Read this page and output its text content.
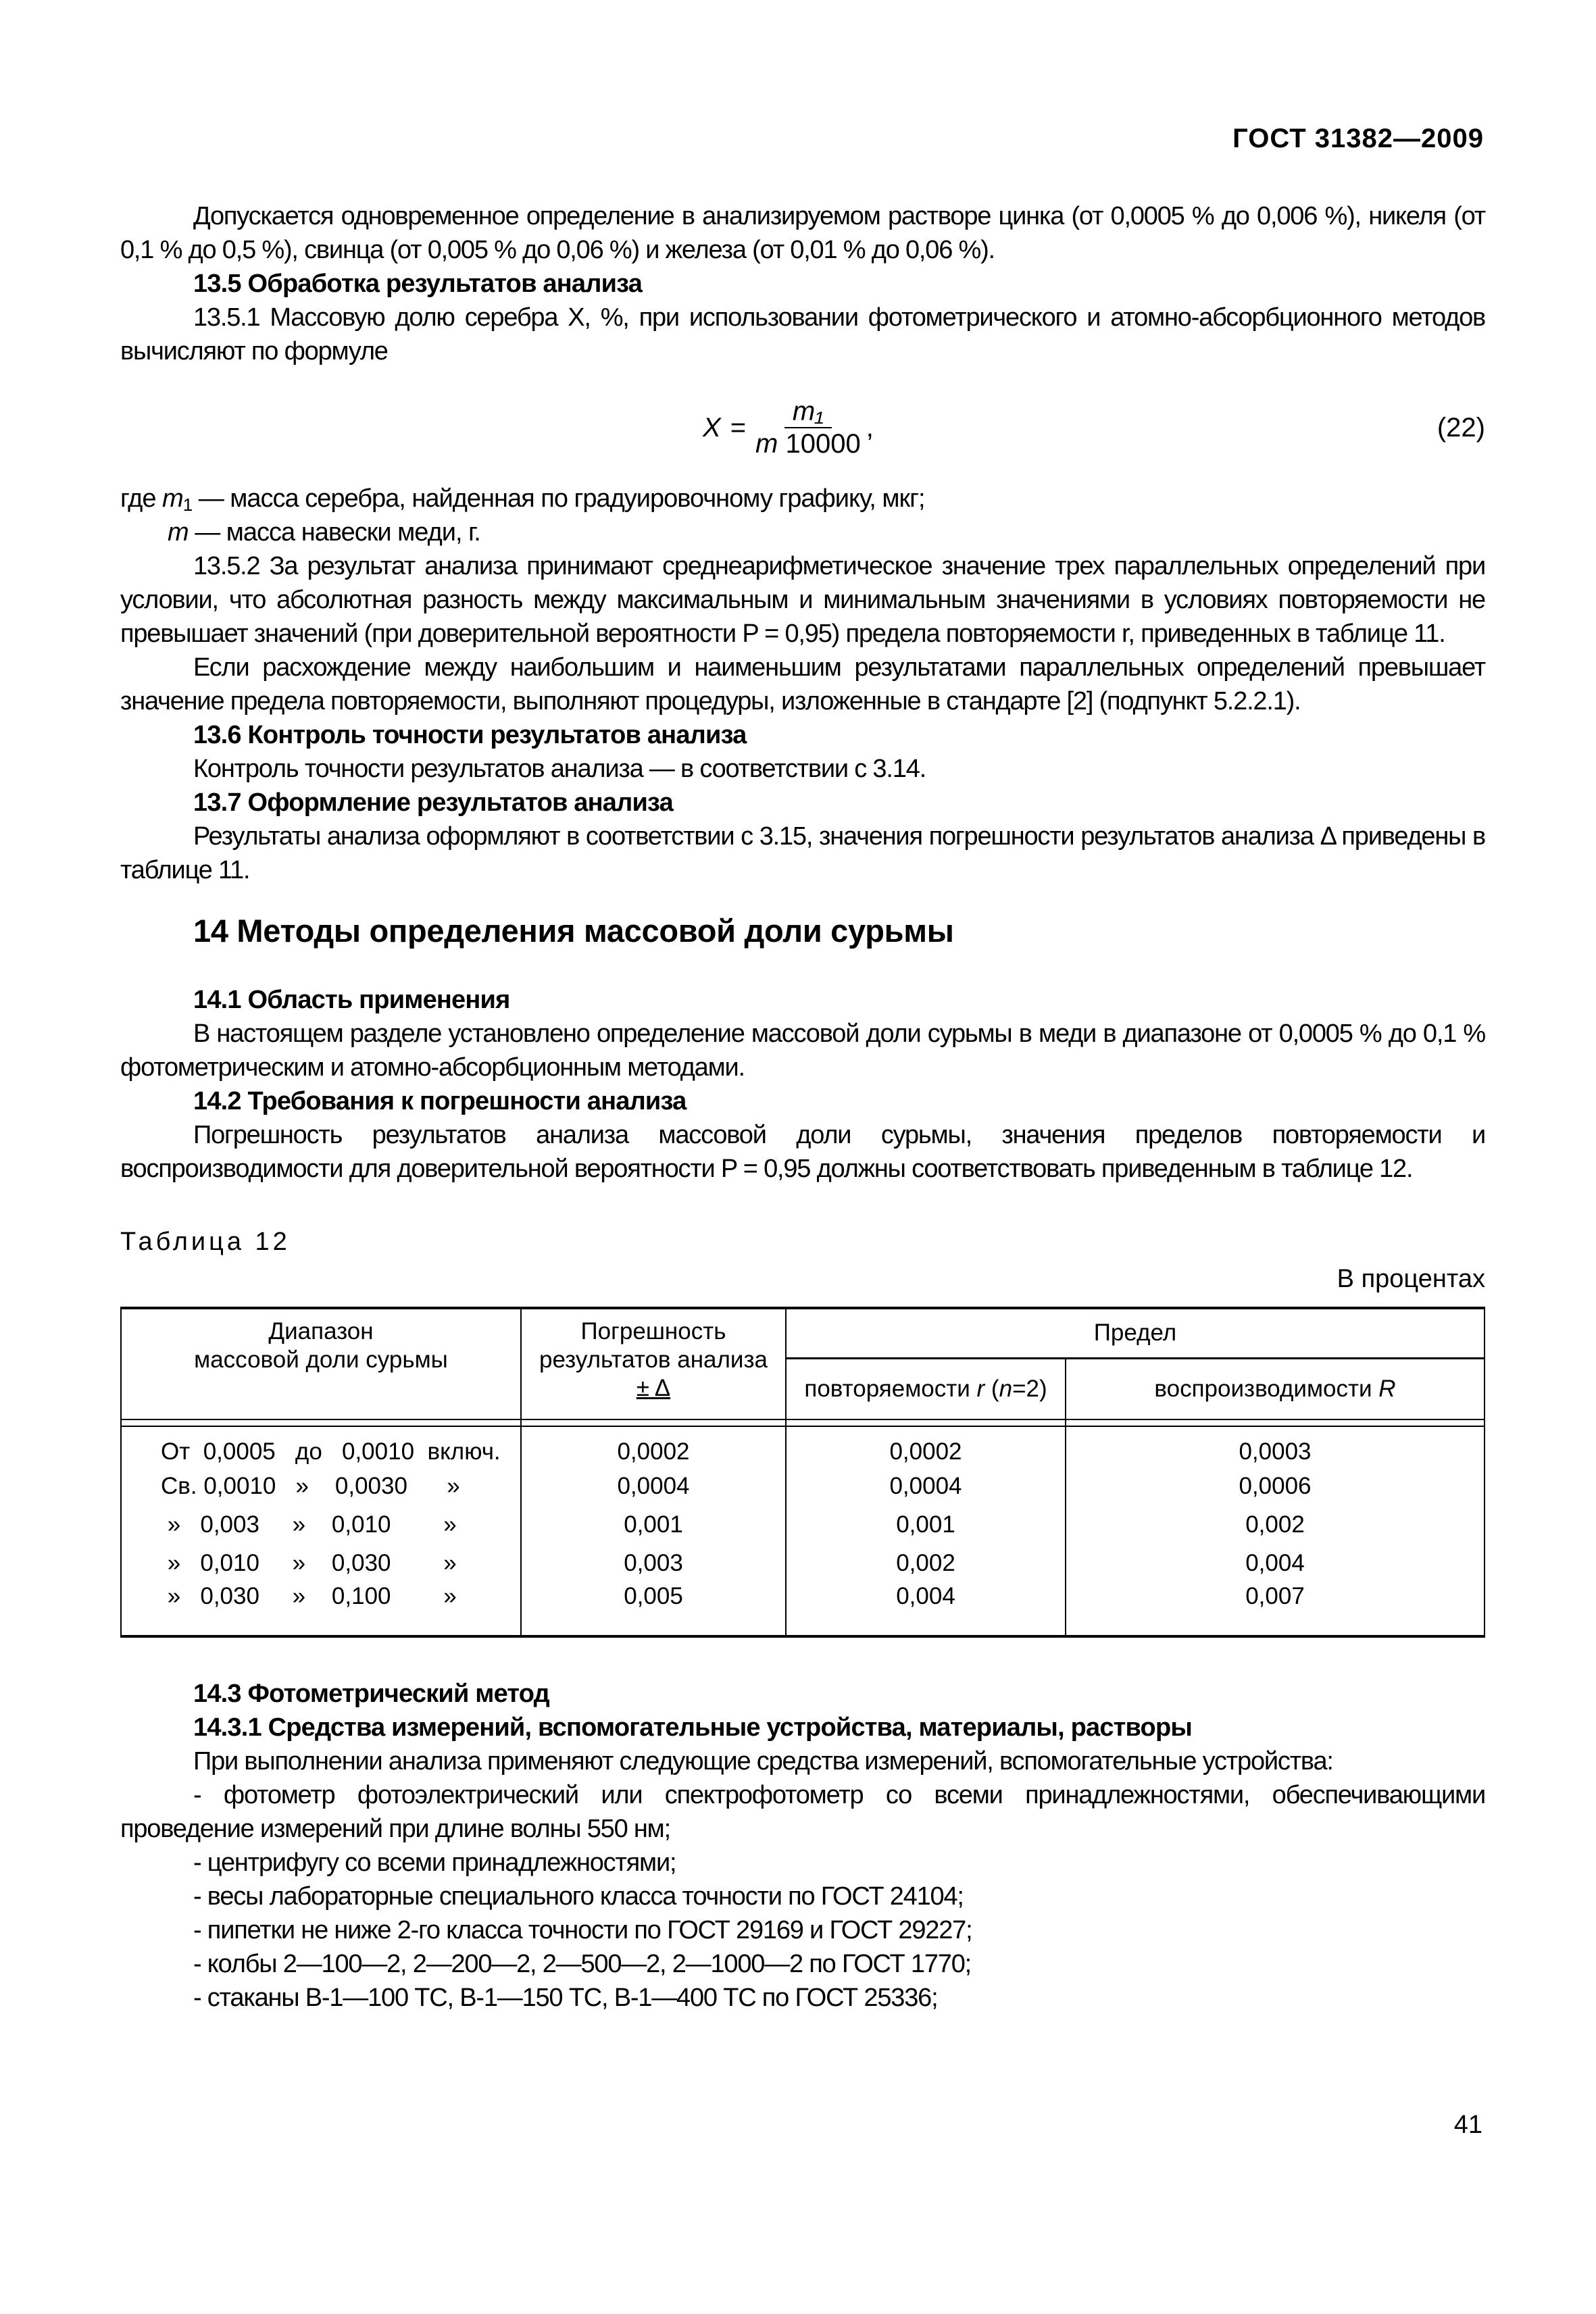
ГОСТ 31382—2009

Допускается одновременное определение в анализируемом растворе цинка (от 0,0005 % до 0,006 %), никеля (от 0,1 % до 0,5 %), свинца (от 0,005 % до 0,06 %) и железа (от 0,01 % до 0,06 %).

13.5 Обработка результатов анализа

13.5.1 Массовую долю серебра X, %, при использовании фотометрического и атомно-абсорбционного методов вычисляют по формуле

$X = \frac{\text{m₁}}{m 10000}$ ,	(22)

где $m_1$ — масса серебра, найденная по градуировочному графику, мкг;

m — масса навески меди, г.

13.5.2 За результат анализа принимают среднеарифметическое значение трех параллельных определений при условии, что абсолютная разность между максимальным и минимальным значениями в условиях повторяемости не превышает значений (при доверительной вероятности P = 0,95) предела повторяемости r, приведенных в таблице 11.

Если расхождение между наибольшим и наименьшим результатами параллельных определений превышает значение предела повторяемости, выполняют процедуры, изложенные в стандарте [2] (подпункт 5.2.2.1).

13.6 Контроль точности результатов анализа

Контроль точности результатов анализа — в соответствии с 3.14.

13.7 Оформление результатов анализа

Результаты анализа оформляют в соответствии с 3.15, значения погрешности результатов анализа Δ приведены в таблице 11.

14 Методы определения массовой доли сурьмы

14.1 Область применения

В настоящем разделе установлено определение массовой доли сурьмы в меди в диапазоне от 0,0005 % до 0,1 % фотометрическим и атомно-абсорбционным методами.

14.2 Требования к погрешности анализа

Погрешность результатов анализа массовой доли сурьмы, значения пределов повторяемости и воспроизводимости для доверительной вероятности P = 0,95 должны соответствовать приведенным в таблице 12.

Таблица 12
В процентах
Диапазон
массовой доли сурьмы

Погрешность
результатов анализа
± Δ
	Предел
		повторяемости r (n=2)	воспроизводимости R

От  0,0005   до   0,0010  включ.	0,0002	0,0002	0,0003
Св. 0,0010   »    0,0030      »	0,0004	0,0004	0,0006
»   0,003     »    0,010        »	0,001	0,001	0,002
»   0,010     »    0,030        »	0,003	0,002	0,004
»   0,030     »    0,100        »	0,005	0,004	0,007

14.3 Фотометрический метод

14.3.1 Средства измерений, вспомогательные устройства, материалы, растворы

При выполнении анализа применяют следующие средства измерений, вспомогательные устройства:

- фотометр фотоэлектрический или спектрофотометр со всеми принадлежностями, обеспечивающими проведение измерений при длине волны 550 нм;

- центрифугу со всеми принадлежностями;

- весы лабораторные специального класса точности по ГОСТ 24104;

- пипетки не ниже 2-го класса точности по ГОСТ 29169 и ГОСТ 29227;

- колбы 2—100—2, 2—200—2, 2—500—2, 2—1000—2 по ГОСТ 1770;

- стаканы В-1—100 ТС, В-1—150 ТС, В-1—400 ТС по ГОСТ 25336;

41
